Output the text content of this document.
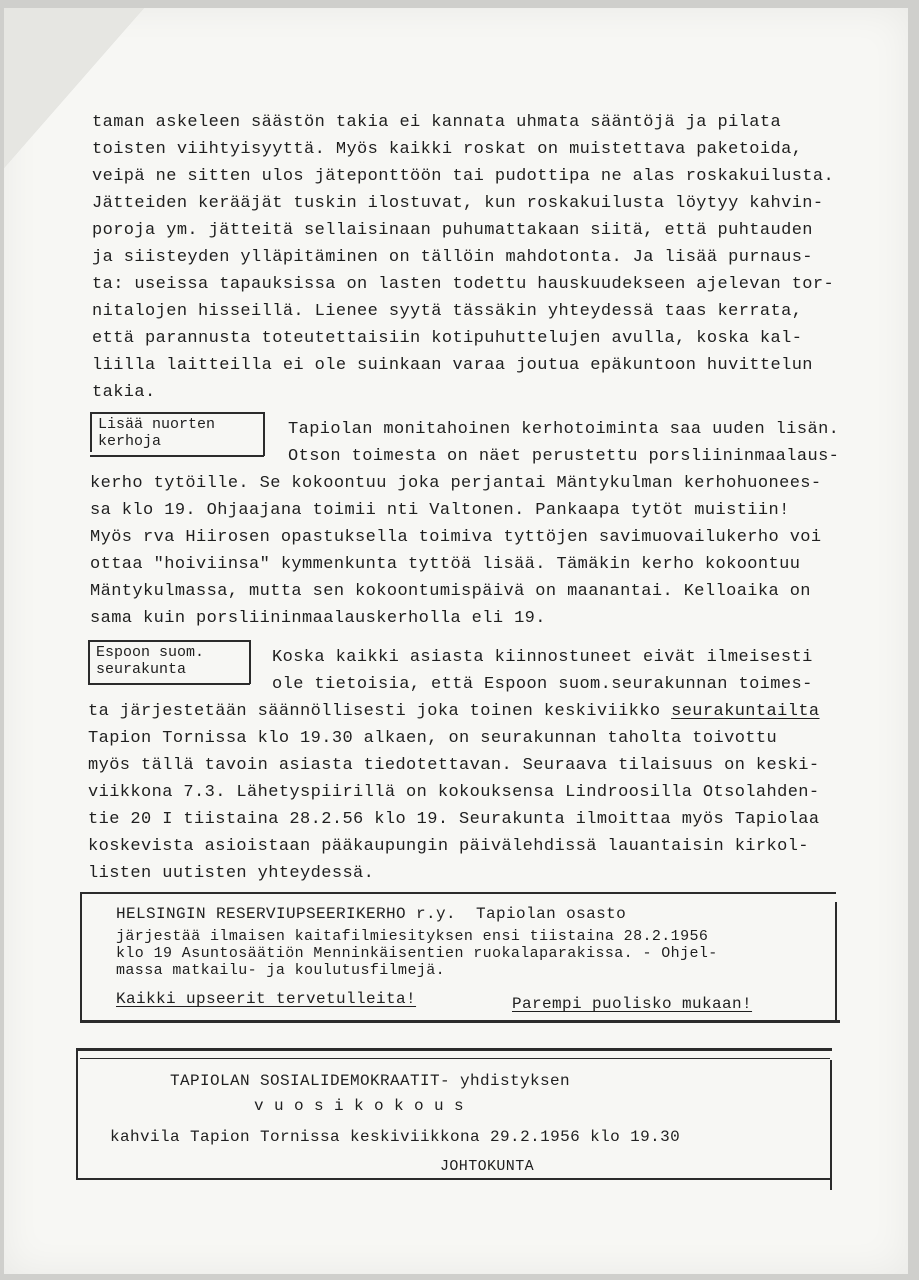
taman askeleen säästön takia ei kannata uhmata sääntöjä ja pilata
toisten viihtyisyyttä. Myös kaikki roskat on muistettava paketoida,
veipä ne sitten ulos jäteponttöön tai pudottipa ne alas roskakuilusta.
Jätteiden kerääjät tuskin ilostuvat, kun roskakuilusta löytyy kahvin-
poroja ym. jätteitä sellaisinaan puhumattakaan siitä, että puhtauden
ja siisteyden ylläpitäminen on tällöin mahdotonta. Ja lisää purnaus-
ta: useissa tapauksissa on lasten todettu hauskuudekseen ajelevan tor-
nitalojen hisseillä. Lienee syytä tässäkin yhteydessä taas kerrata,
että parannusta toteutettaisiin kotipuhuttelujen avulla, koska kal-
liilla laitteilla ei ole suinkaan varaa joutua epäkuntoon huvittelun
takia.
Lisää nuorten
kerhoja
Tapiolan monitahoinen kerhotoiminta saa uuden lisän.
Otson toimesta on näet perustettu porsliininmaalaus-
kerho tytöille. Se kokoontuu joka perjantai Mäntykulman kerhohuonees-
sa klo 19. Ohjaajana toimii nti Valtonen. Pankaapa tytöt muistiin!
Myös rva Hiirosen opastuksella toimiva tyttöjen savimuovailukerho voi
ottaa "hoiviinsa" kymmenkunta tyttöä lisää. Tämäkin kerho kokoontuu
Mäntykulmassa, mutta sen kokoontumispäivä on maanantai. Kelloaika on
sama kuin porsliininmaalauskerholla eli 19.
Espoon suom.
seurakunta
Koska kaikki asiasta kiinnostuneet eivät ilmeisesti
ole tietoisia, että Espoon suom.seurakunnan toimes-
ta järjestetään säännöllisesti joka toinen keskiviikko seurakuntailta
Tapion Tornissa klo 19.30 alkaen, on seurakunnan taholta toivottu
myös tällä tavoin asiasta tiedotettavan. Seuraava tilaisuus on keski-
viikkona 7.3. Lähetyspiirillä on kokouksensa Lindroosilla Otsolahden-
tie 20 I tiistaina 28.2.56 klo 19. Seurakunta ilmoittaa myös Tapiolaa
koskevista asioistaan pääkaupungin päivälehdissä lauantaisin kirkol-
listen uutisten yhteydessä.
HELSINGIN RESERVIUPSEERIKERHO r.y.  Tapiolan osasto
järjestää ilmaisen kaitafilmiesityksen ensi tiistaina 28.2.1956
klo 19 Asuntosäätiön Menninkäisentien ruokalaparakissa. - Ohjel-
massa matkailu- ja koulutusfilmejä.
Kaikki upseerit tervetulleita!	Parempi puolisko mukaan!
TAPIOLAN SOSIALIDEMOKRAATIT- yhdistyksen
v u o s i k o k o u s
kahvila Tapion Tornissa keskiviikkona 29.2.1956 klo 19.30
JOHTOKUNTA
